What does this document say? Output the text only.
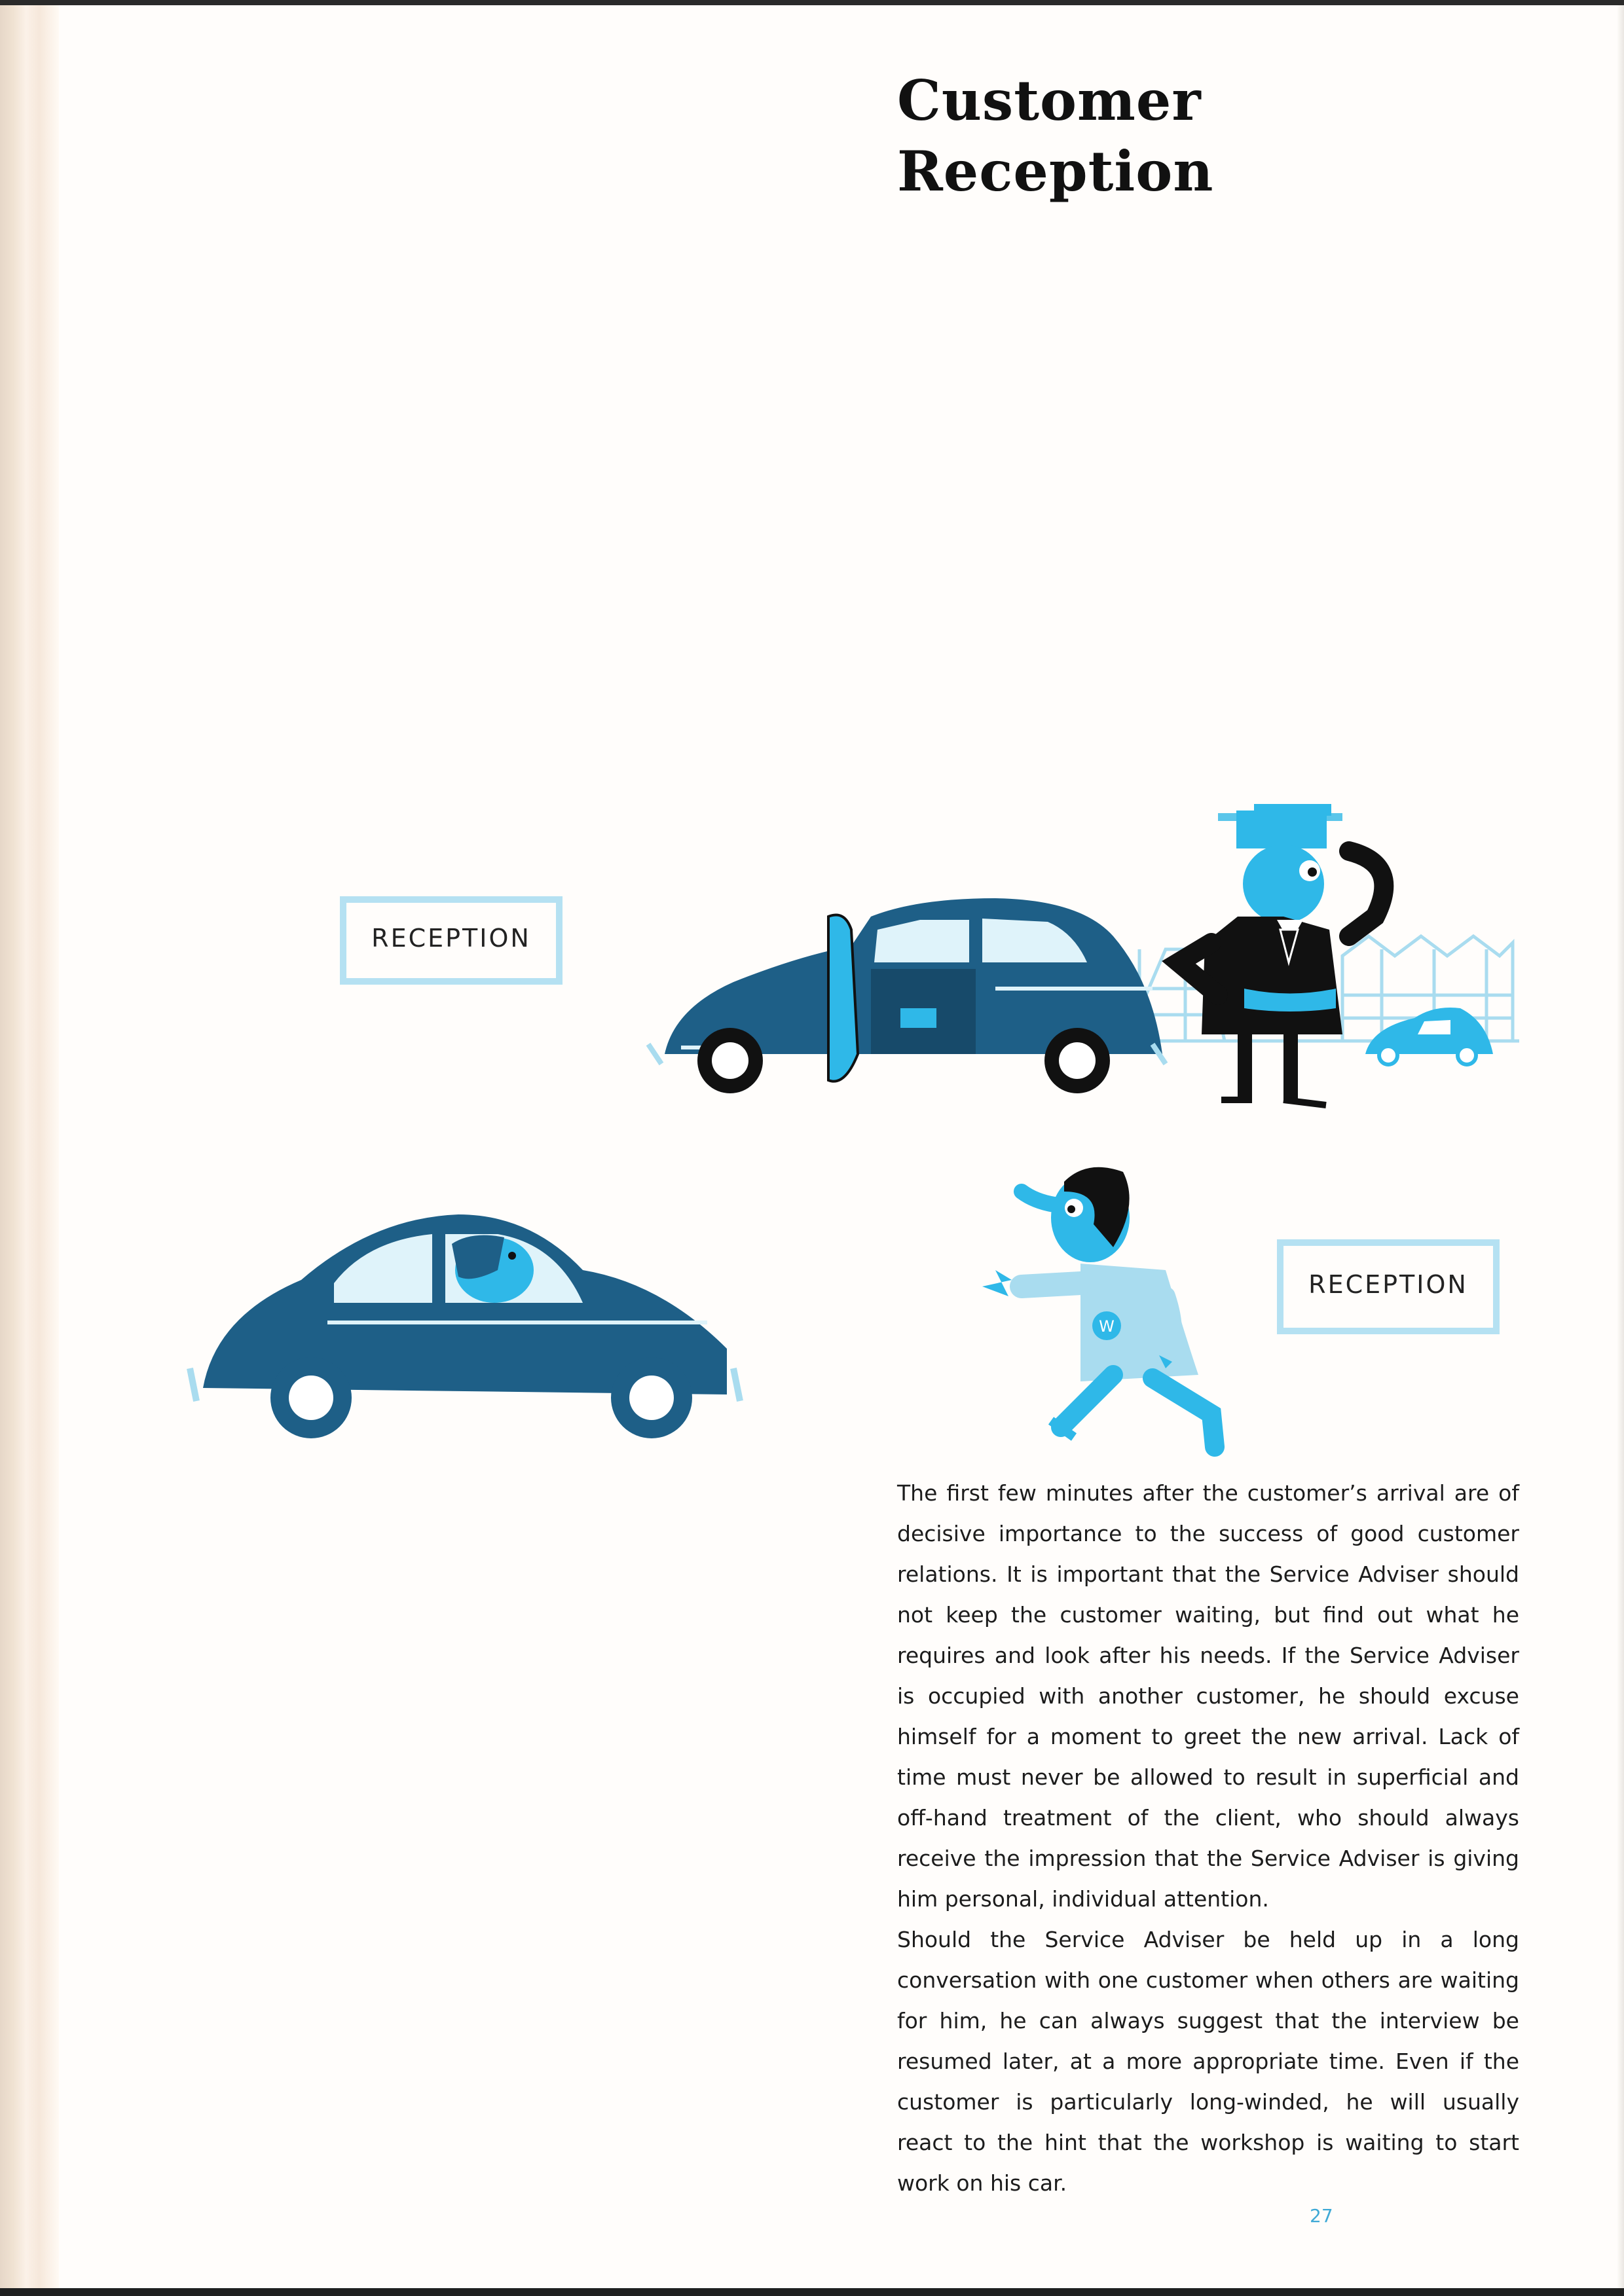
Customer
Reception
RECEPTION
W
RECEPTION

The first few minutes after the customer’s arrival are of decisive importance to the success of good customer relations. It is important that the Service Adviser should not keep the customer waiting, but find out what he requires and look after his needs. If the Service Adviser is occupied with another customer, he should excuse himself for a moment to greet the new arrival. Lack of time must never be allowed to result in superficial and off-hand treatment of the client, who should always receive the impression that the Service Adviser is giving him personal, individual attention.

Should the Service Adviser be held up in a long conversation with one customer when others are waiting for him, he can always suggest that the interview be resumed later, at a more appropriate time. Even if the customer is particularly long-winded, he will usually react to the hint that the workshop is waiting to start work on his car.

27
